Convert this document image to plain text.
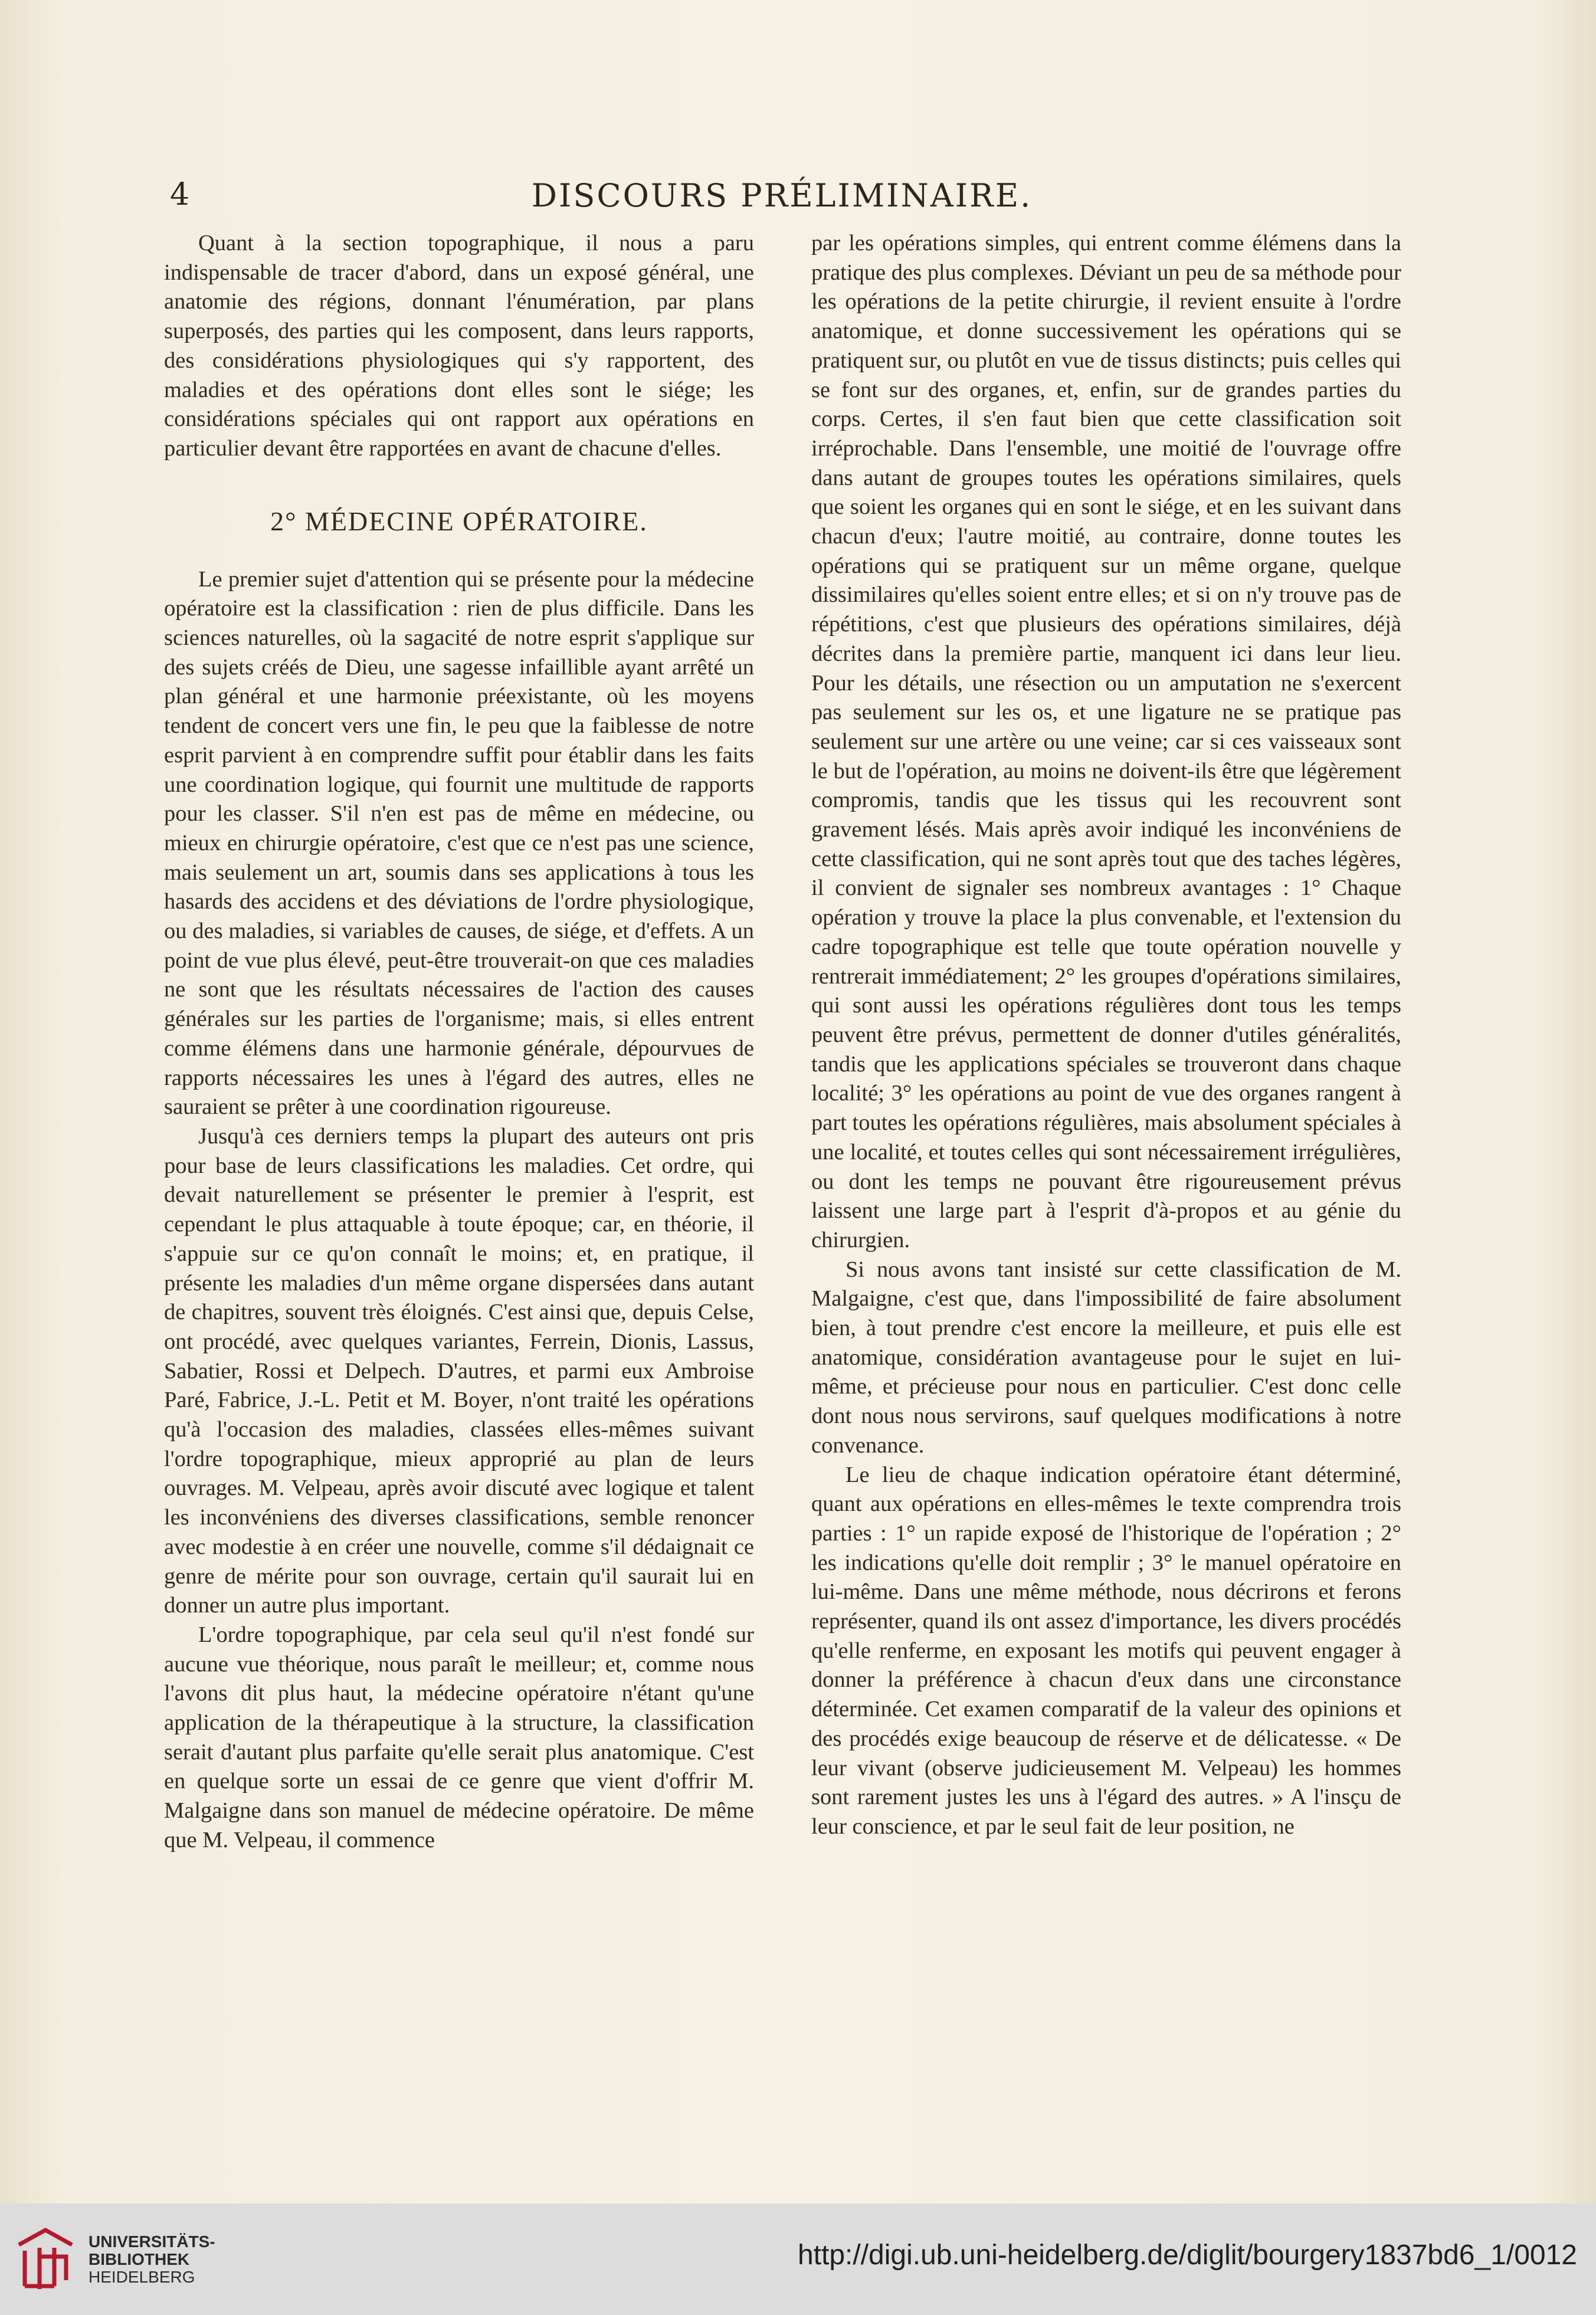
4	DISCOURS PRÉLIMINAIRE.

Quant à la section topographique, il nous a paru indispensable de tracer d'abord, dans un exposé général, une anatomie des régions, donnant l'énumération, par plans superposés, des parties qui les composent, dans leurs rapports, des considérations physiologiques qui s'y rapportent, des maladies et des opérations dont elles sont le siége; les considérations spéciales qui ont rapport aux opérations en particulier devant être rapportées en avant de chacune d'elles.

2° MÉDECINE OPÉRATOIRE.

Le premier sujet d'attention qui se présente pour la médecine opératoire est la classification : rien de plus difficile. Dans les sciences naturelles, où la sagacité de notre esprit s'applique sur des sujets créés de Dieu, une sagesse infaillible ayant arrêté un plan général et une harmonie préexistante, où les moyens tendent de concert vers une fin, le peu que la faiblesse de notre esprit parvient à en comprendre suffit pour établir dans les faits une coordination logique, qui fournit une multitude de rapports pour les classer. S'il n'en est pas de même en médecine, ou mieux en chirurgie opératoire, c'est que ce n'est pas une science, mais seulement un art, soumis dans ses applications à tous les hasards des accidens et des déviations de l'ordre physiologique, ou des maladies, si variables de causes, de siége, et d'effets. A un point de vue plus élevé, peut-être trouverait-on que ces maladies ne sont que les résultats nécessaires de l'action des causes générales sur les parties de l'organisme; mais, si elles entrent comme élémens dans une harmonie générale, dépourvues de rapports nécessaires les unes à l'égard des autres, elles ne sauraient se prêter à une coordination rigoureuse.

Jusqu'à ces derniers temps la plupart des auteurs ont pris pour base de leurs classifications les maladies. Cet ordre, qui devait naturellement se présenter le premier à l'esprit, est cependant le plus attaquable à toute époque; car, en théorie, il s'appuie sur ce qu'on connaît le moins; et, en pratique, il présente les maladies d'un même organe dispersées dans autant de chapitres, souvent très éloignés. C'est ainsi que, depuis Celse, ont procédé, avec quelques variantes, Ferrein, Dionis, Lassus, Sabatier, Rossi et Delpech. D'autres, et parmi eux Ambroise Paré, Fabrice, J.-L. Petit et M. Boyer, n'ont traité les opérations qu'à l'occasion des maladies, classées elles-mêmes suivant l'ordre topographique, mieux approprié au plan de leurs ouvrages. M. Velpeau, après avoir discuté avec logique et talent les inconvéniens des diverses classifications, semble renoncer avec modestie à en créer une nouvelle, comme s'il dédaignait ce genre de mérite pour son ouvrage, certain qu'il saurait lui en donner un autre plus important.

L'ordre topographique, par cela seul qu'il n'est fondé sur aucune vue théorique, nous paraît le meilleur; et, comme nous l'avons dit plus haut, la médecine opératoire n'étant qu'une application de la thérapeutique à la structure, la classification serait d'autant plus parfaite qu'elle serait plus anatomique. C'est en quelque sorte un essai de ce genre que vient d'offrir M. Malgaigne dans son manuel de médecine opératoire. De même que M. Velpeau, il commence

par les opérations simples, qui entrent comme élémens dans la pratique des plus complexes. Déviant un peu de sa méthode pour les opérations de la petite chirurgie, il revient ensuite à l'ordre anatomique, et donne successivement les opérations qui se pratiquent sur, ou plutôt en vue de tissus distincts; puis celles qui se font sur des organes, et, enfin, sur de grandes parties du corps. Certes, il s'en faut bien que cette classification soit irréprochable. Dans l'ensemble, une moitié de l'ouvrage offre dans autant de groupes toutes les opérations similaires, quels que soient les organes qui en sont le siége, et en les suivant dans chacun d'eux; l'autre moitié, au contraire, donne toutes les opérations qui se pratiquent sur un même organe, quelque dissimilaires qu'elles soient entre elles; et si on n'y trouve pas de répétitions, c'est que plusieurs des opérations similaires, déjà décrites dans la première partie, manquent ici dans leur lieu. Pour les détails, une résection ou un amputation ne s'exercent pas seulement sur les os, et une ligature ne se pratique pas seulement sur une artère ou une veine; car si ces vaisseaux sont le but de l'opération, au moins ne doivent-ils être que légèrement compromis, tandis que les tissus qui les recouvrent sont gravement lésés. Mais après avoir indiqué les inconvéniens de cette classification, qui ne sont après tout que des taches légères, il convient de signaler ses nombreux avantages : 1° Chaque opération y trouve la place la plus convenable, et l'extension du cadre topographique est telle que toute opération nouvelle y rentrerait immédiatement; 2° les groupes d'opérations similaires, qui sont aussi les opérations régulières dont tous les temps peuvent être prévus, permettent de donner d'utiles généralités, tandis que les applications spéciales se trouveront dans chaque localité; 3° les opérations au point de vue des organes rangent à part toutes les opérations régulières, mais absolument spéciales à une localité, et toutes celles qui sont nécessairement irrégulières, ou dont les temps ne pouvant être rigoureusement prévus laissent une large part à l'esprit d'à-propos et au génie du chirurgien.

Si nous avons tant insisté sur cette classification de M. Malgaigne, c'est que, dans l'impossibilité de faire absolument bien, à tout prendre c'est encore la meilleure, et puis elle est anatomique, considération avantageuse pour le sujet en lui-même, et précieuse pour nous en particulier. C'est donc celle dont nous nous servirons, sauf quelques modifications à notre convenance.

Le lieu de chaque indication opératoire étant déterminé, quant aux opérations en elles-mêmes le texte comprendra trois parties : 1° un rapide exposé de l'historique de l'opération ; 2° les indications qu'elle doit remplir ; 3° le manuel opératoire en lui-même. Dans une même méthode, nous décrirons et ferons représenter, quand ils ont assez d'importance, les divers procédés qu'elle renferme, en exposant les motifs qui peuvent engager à donner la préférence à chacun d'eux dans une circonstance déterminée. Cet examen comparatif de la valeur des opinions et des procédés exige beaucoup de réserve et de délicatesse. « De leur vivant (observe judicieusement M. Velpeau) les hommes sont rarement justes les uns à l'égard des autres. » A l'insçu de leur conscience, et par le seul fait de leur position, ne

UNIVERSITÄTS-
BIBLIOTHEK
HEIDELBERG
http://digi.ub.uni-heidelberg.de/diglit/bourgery1837bd6_1/0012
